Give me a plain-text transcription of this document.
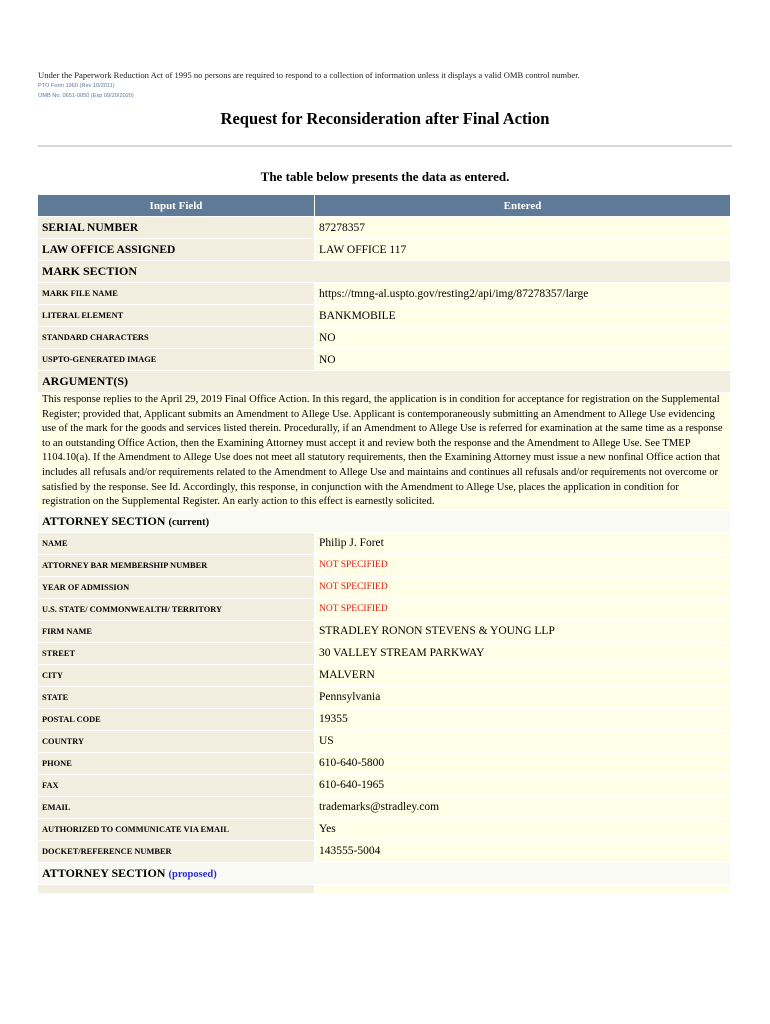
Under the Paperwork Reduction Act of 1995 no persons are required to respond to a collection of information unless it displays a valid OMB control number.
PTO Form 1960 (Rev 10/2011)
OMB No. 0651-0050 (Exp 09/20/2020)
Request for Reconsideration after Final Action
The table below presents the data as entered.
Input Field	Entered
SERIAL NUMBER	87278357
LAW OFFICE ASSIGNED	LAW OFFICE 117
MARK SECTION	
MARK FILE NAME	https://tmng-al.uspto.gov/resting2/api/img/87278357/large
LITERAL ELEMENT	BANKMOBILE
STANDARD CHARACTERS	NO
USPTO-GENERATED IMAGE	NO
ARGUMENT(S)	
This response replies to the April 29, 2019 Final Office Action. In this regard, the application is in condition for acceptance for registration on the Supplemental Register; provided that, Applicant submits an Amendment to Allege Use. Applicant is contemporaneously submitting an Amendment to Allege Use evidencing use of the mark for the goods and services listed therein. Procedurally, if an Amendment to Allege Use is referred for examination at the same time as a response to an outstanding Office Action, then the Examining Attorney must accept it and review both the response and the Amendment to Allege Use. See TMEP 1104.10(a). If the Amendment to Allege Use does not meet all statutory requirements, then the Examining Attorney must issue a new nonfinal Office action that includes all refusals and/or requirements related to the Amendment to Allege Use and maintains and continues all refusals and/or requirements not overcome or satisfied by the response. See Id. Accordingly, this response, in conjunction with the Amendment to Allege Use, places the application in condition for registration on the Supplemental Register. An early action to this effect is earnestly solicited.	
ATTORNEY SECTION (current)	
NAME	Philip J. Foret
ATTORNEY BAR MEMBERSHIP NUMBER	NOT SPECIFIED
YEAR OF ADMISSION	NOT SPECIFIED
U.S. STATE/ COMMONWEALTH/ TERRITORY	NOT SPECIFIED
FIRM NAME	STRADLEY RONON STEVENS & YOUNG LLP
STREET	30 VALLEY STREAM PARKWAY
CITY	MALVERN
STATE	Pennsylvania
POSTAL CODE	19355
COUNTRY	US
PHONE	610-640-5800
FAX	610-640-1965
EMAIL	trademarks@stradley.com
AUTHORIZED TO COMMUNICATE VIA EMAIL	Yes
DOCKET/REFERENCE NUMBER	143555-5004
ATTORNEY SECTION (proposed)	
